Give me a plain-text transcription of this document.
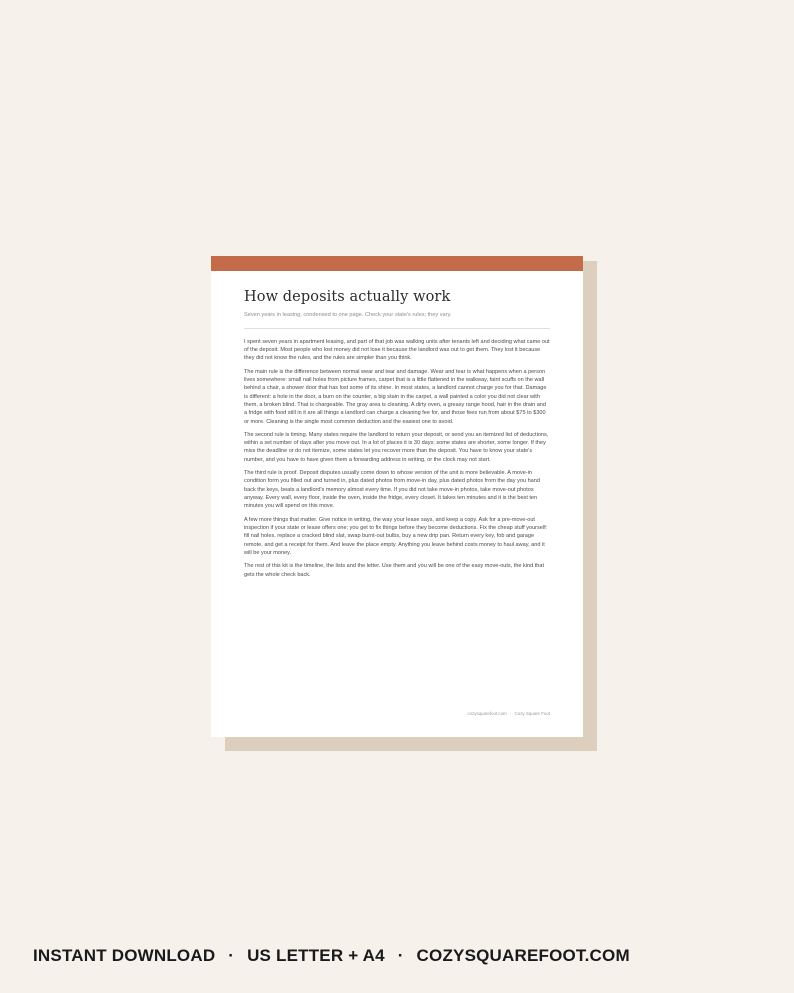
How deposits actually work

Seven years in leasing, condensed to one page. Check your state's rules; they vary.

I spent seven years in apartment leasing, and part of that job was walking units after tenants left and deciding what came out of the deposit. Most people who lost money did not lose it because the landlord was out to get them. They lost it because they did not know the rules, and the rules are simpler than you think.

The main rule is the difference between normal wear and tear and damage. Wear and tear is what happens when a person lives somewhere: small nail holes from picture frames, carpet that is a little flattened in the walkway, faint scuffs on the wall behind a chair, a shower door that has lost some of its shine. In most states, a landlord cannot charge you for that. Damage is different: a hole in the door, a burn on the counter, a big stain in the carpet, a wall painted a color you did not clear with them, a broken blind. That is chargeable. The gray area is cleaning. A dirty oven, a greasy range hood, hair in the drain and a fridge with food still in it are all things a landlord can charge a cleaning fee for, and those fees run from about $75 to $300 or more. Cleaning is the single most common deduction and the easiest one to avoid.

The second rule is timing. Many states require the landlord to return your deposit, or send you an itemized list of deductions, within a set number of days after you move out. In a lot of places it is 30 days; some states are shorter, some longer. If they miss the deadline or do not itemize, some states let you recover more than the deposit. You have to know your state's number, and you have to have given them a forwarding address in writing, or the clock may not start.

The third rule is proof. Deposit disputes usually come down to whose version of the unit is more believable. A move-in condition form you filled out and turned in, plus dated photos from move-in day, plus dated photos from the day you hand back the keys, beats a landlord's memory almost every time. If you did not take move-in photos, take move-out photos anyway. Every wall, every floor, inside the oven, inside the fridge, every closet. It takes ten minutes and it is the best ten minutes you will spend on this move.

A few more things that matter. Give notice in writing, the way your lease says, and keep a copy. Ask for a pre-move-out inspection if your state or lease offers one; you get to fix things before they become deductions. Fix the cheap stuff yourself: fill nail holes, replace a cracked blind slat, swap burnt-out bulbs, buy a new drip pan. Return every key, fob and garage remote, and get a receipt for them. And leave the place empty. Anything you leave behind costs money to haul away, and it will be your money.

The rest of this kit is the timeline, the lists and the letter. Use them and you will be one of the easy move-outs, the kind that gets the whole check back.

cozysquarefoot.com · Cozy Square Foot
INSTANT DOWNLOAD · US LETTER + A4 · COZYSQUAREFOOT.COM
